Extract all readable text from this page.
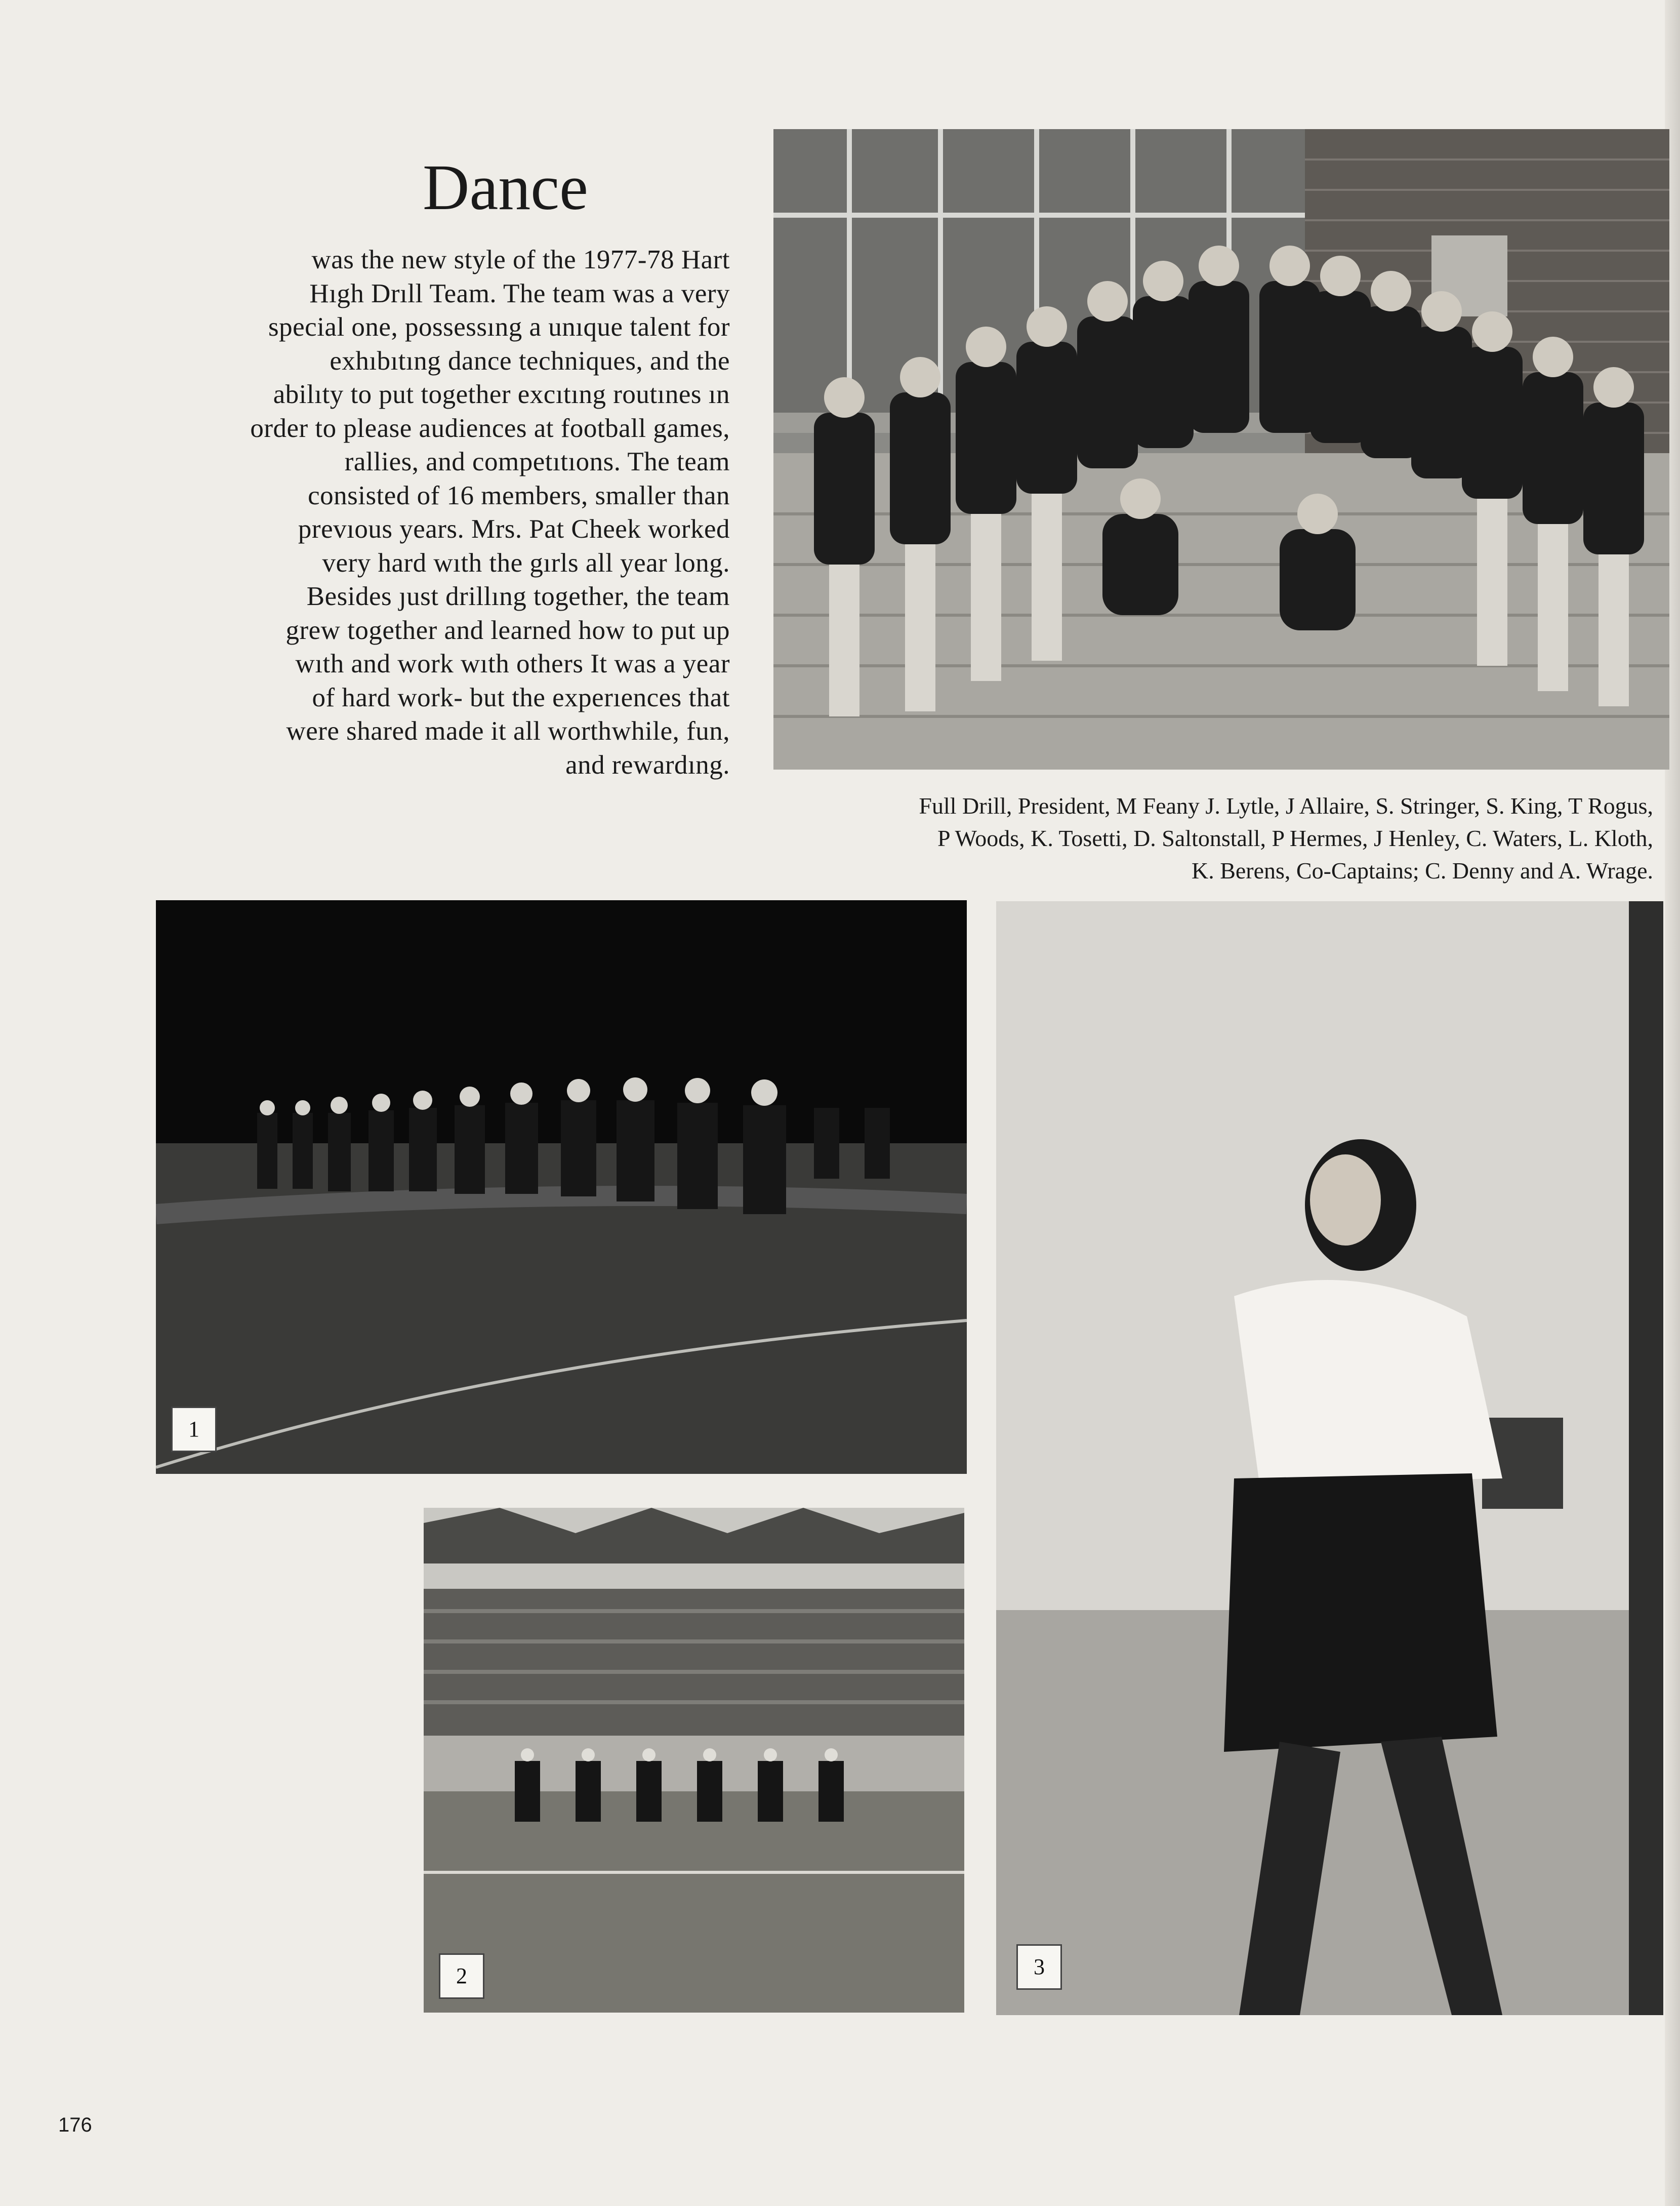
Dance

was the new style of the 1977-78 Hart
Hıgh Drıll Team. The team was a very
special one, possessıng a unıque talent for
exhıbıtıng dance techniques, and the
abilıty to put together excıtıng routınes ın
order to please audiences at football games,
rallies, and competıtıons. The team
consisted of 16 members, smaller than
prevıous years. Mrs. Pat Cheek worked
very hard wıth the gırls all year long.
Besides ȷust drillıng together, the team
grew together and learned how to put up
wıth and work wıth others It was a year
of hard work- but the experıences that
were shared made it all worthwhile, fun,
and rewardıng.

Full Drill, President, M Feany J. Lytle, J Allaire, S. Stringer, S. King, T Rogus,
P Woods, K. Tosetti, D. Saltonstall, P Hermes, J Henley, C. Waters, L. Kloth,
K. Berens, Co-Captains; C. Denny and A. Wrage.

1
2	3

176
